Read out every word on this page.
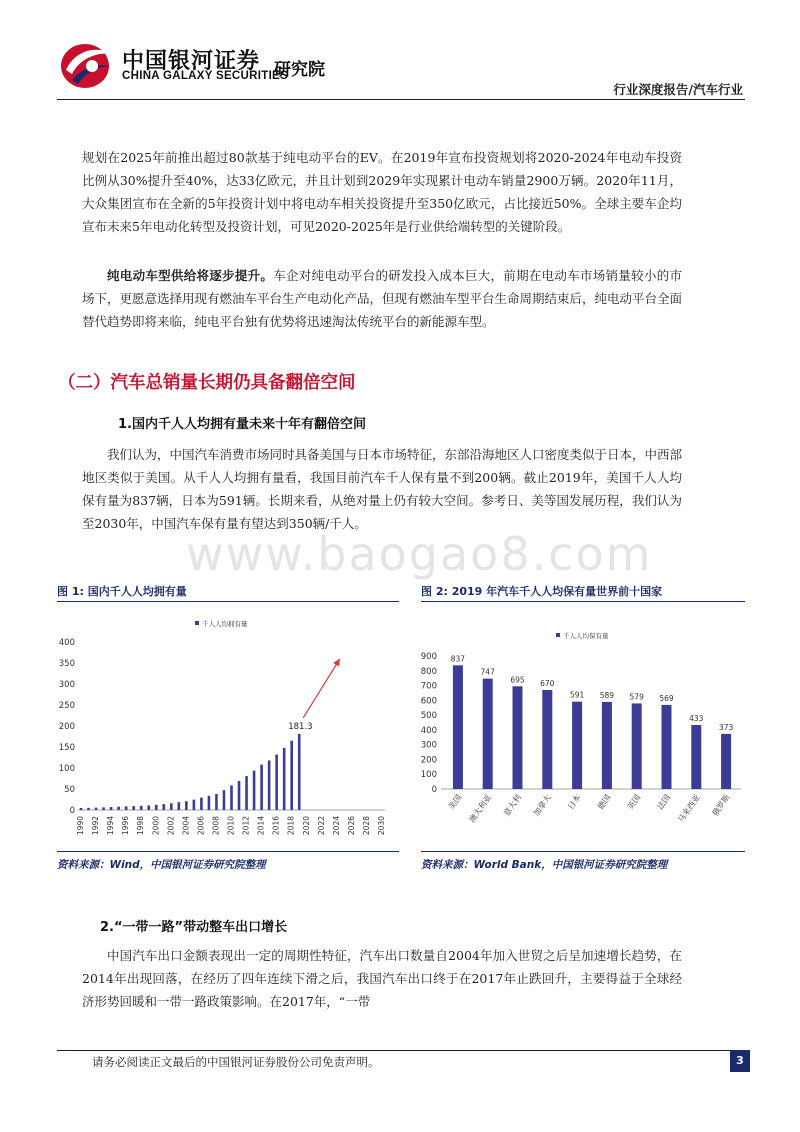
中国银河证券
CHINA GALAXY SECURITIES
研究院
行业深度报告/汽车行业

规划在2025年前推出超过80款基于纯电动平台的EV。在2019年宣布投资规划将2020-2024年电动车投资比例从30%提升至40%，达33亿欧元，并且计划到2029年实现累计电动车销量2900万辆。2020年11月，大众集团宣布在全新的5年投资计划中将电动车相关投资提升至350亿欧元，占比接近50%。全球主要车企均宣布未来5年电动化转型及投资计划，可见2020-2025年是行业供给端转型的关键阶段。

纯电动车型供给将逐步提升。车企对纯电动平台的研发投入成本巨大，前期在电动车市场销量较小的市场下，更愿意选择用现有燃油车平台生产电动化产品，但现有燃油车型平台生命周期结束后，纯电动平台全面替代趋势即将来临，纯电平台独有优势将迅速淘汰传统平台的新能源车型。

（二）汽车总销量长期仍具备翻倍空间
1.国内千人人均拥有量未来十年有翻倍空间

我们认为，中国汽车消费市场同时具备美国与日本市场特征，东部沿海地区人口密度类似于日本，中西部地区类似于美国。从千人人均拥有量看，我国目前汽车千人保有量不到200辆。截止2019年，美国千人人均保有量为837辆，日本为591辆。长期来看，从绝对量上仍有较大空间。参考日、美等国发展历程，我们认为至2030年，中国汽车保有量有望达到350辆/千人。

www.baogao8.com
图 1: 国内千人人均拥有量	图 2: 2019 年汽车千人人均保有量世界前十国家
0
50
100
150
200
250
300
350
400
1990 1992 1994 1996 1998 2000 2002 2004 2006 2008 2010 2012 2014 2016 2018 2020 2022 2024 2026 2028 2030
千人人均拥有量
181.3
0
100
200
300
400
500
600
700
800
900 837
美国
747
澳大利亚
695
意大利
670
加拿大
591
日本
589
德国
579
英国
569
法国
433
马来西亚
373
俄罗斯
千人人均保有量
资料来源：Wind，中国银河证券研究院整理	资料来源：World Bank，中国银河证券研究院整理
2.“一带一路”带动整车出口增长

中国汽车出口金额表现出一定的周期性特征，汽车出口数量自2004年加入世贸之后呈加速增长趋势，在2014年出现回落，在经历了四年连续下滑之后，我国汽车出口终于在2017年止跌回升，主要得益于全球经济形势回暖和一带一路政策影响。在2017年，“一带

请务必阅读正文最后的中国银河证券股份公司免责声明。	3
